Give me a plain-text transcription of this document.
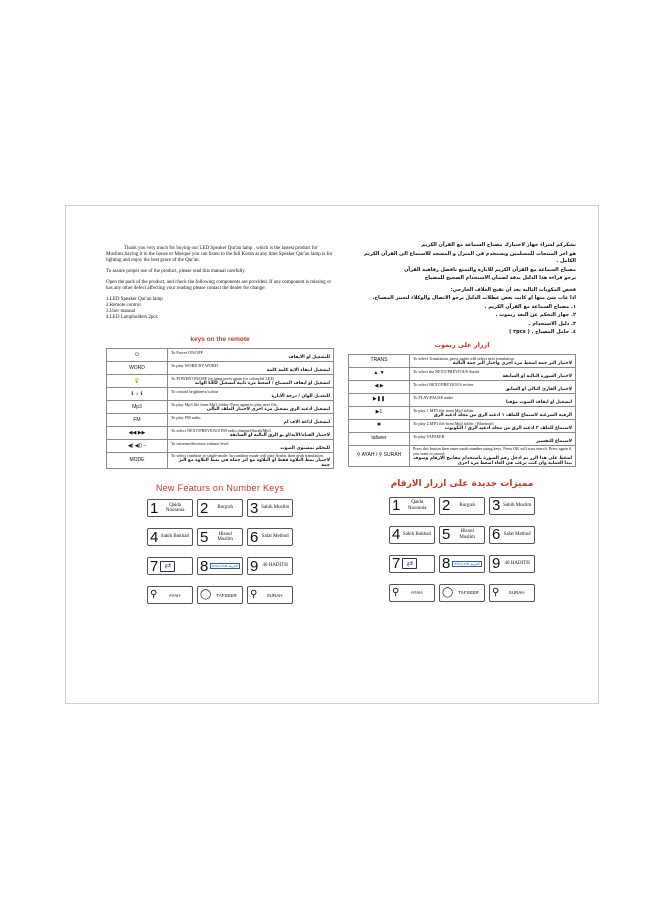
Thank you very much for buying our LED Speaker Qur'an lamp , which is the lastest product for Muslims,having it in the house or Mosque you can listen to the full Koran at any time.Speaker Qur'an lamp is for lighting and enjoy the best grace of the Qur'an.

To assure proper use of the product, please read this manual carefully.

Open the pack of the product, and check the following components are provided. If any component is missing or has any other defect affecting your reading please contact the dealer for change:

1.LED Speaker Qur'an lamp
2.Remote control
3.User manual
4.LED Lampholders 2pcs

keys on the remote

⏻	To Power ON/OFF
للتشغيل او الايقاف

WORD	To play WORD BY WORD
لتشغيل انتقاء الاية كلمة كلمة

💡	To POWER ON/OFF for lamp press again for colourful LED
لتشغيل او ايقاف المصباح / اضغط مرة ثانية لتشغيل LED الوانه

ℹ ☼ ℹ	To control brightness/colour
للتعديل الوان / درجة الانارة

Mp3	To play Mp3 file from Mp3 folder. Press again to play next file.
لتشغيل ادعيه الرق تشغيل مرة اخرى لاختيار الملف التالي

FM	To play FM radio.
لتشغيل اذاعة الاف ام

◀◀ ▶▶	To select NEXT/PREVIOUS FM radio channel/Surah/Mp3
لاختيار القناة/الآية/او بو الرق التالية او السابقة

◀) ◀)) –	To increase/decrease volume level
للتحكم بمستوى الصوت

MODE	To select combine or single mode. In combine mode will play Arabic then ayah translation.
لاختيار نمط التلاوة فقط او التلاوة مع اثر جملة في نمط التلاوة مع التر جمة

New Featurs on Number Keys

1	Qaida Noorania	2	Ruqyah	3 Sahih Muslim
4 Sahih Bukhari 5	Hisnul Muslim	6 Salat Method
7 ⇄ 8	ENGLISH العربية 9 40 HADITH
⚲	AYAH	◯	TAFSEER	⚲	SURAH

نشكركم لشراء جهاز لاختيارك مصباح السماعة مع القرآن الكريم

هو اخر المنتجات للمسلمين ويستخدم في المنزل و المسجد للاستماع الى القرآن الكريم الكامل .

مصباح السماعة مع القرآن الكريم للانارة والتمتع بافضل رفاهية القرآن

نرجو قراءة هذا الدليل بدقة لضمان الاستخدام الصحيح للمصباح

فحص المكونات التالية بعد ان تفتح الغلاف الخارجي:

اذا غاب شئ منها او كانت بعض عطلات الدليل نرجو الاتصال والوكلاء لتغيير المصباح.

١. مصباح السماعة مع القرآن الكريم .

٢. جهاز التحكم عن البعد ريموت .

٣. دليل الاستخدام .

٤. حامل المصباح . ( ٢pcs )

ازرار على ريموت

TRANS	To select Translation, press again will select next translation
لاختيار التر جمة اضغط مرة اخرى واختار التر جمة التالية

▲ ▼	To select the NEXT/PREVIOUS Surah
لاختيار السورة التالية او السابقة

◀ ▶	To select NEXT/PREVIOUS reciter
لاختيار القارئ التالي او السابق

▶❚❚	To PLAY/PAUSE audio
لتشغيل او ايقاف الصوت مؤقتا

▶1	To play 1.MP3 file from Mp3 folder
الرقية الشرعية لاستماع للملف ١ ادعيه الرق من مجلد ادعيه الرق

✱	To play 2.MP3 file from Mp3 folder / Bluetooth
لاستماع للملف ٢ ادعيه الرق من مجلد ادعيه الرق / البلوتوث

tafseer	To play TAFSEER
لاستماع للتفسير

⚲ AYAH / ⚲ SURAH	Press this button then enter surah number using keys. Press OK will start search. Press again if you want to cancel.
اضغط على هذا الزر ثم ادخل رقم السورة باستخدام مفاتيح الارقام وسوف تبدا العملية وان كنت ترغب في الغاء اضغط مرة اخرى

مميزات جديدة على ازرار الارقام

1	Qaida Noorania	2	Ruqyah	3 Sahih Muslim
4 Sahih Bukhari 5	Hisnul Muslim	6 Salat Method
7 ⇄ 8	ENGLISH العربية 9 40 HADITH
⚲	AYAH	◯	TAFSEER	⚲	SURAH
